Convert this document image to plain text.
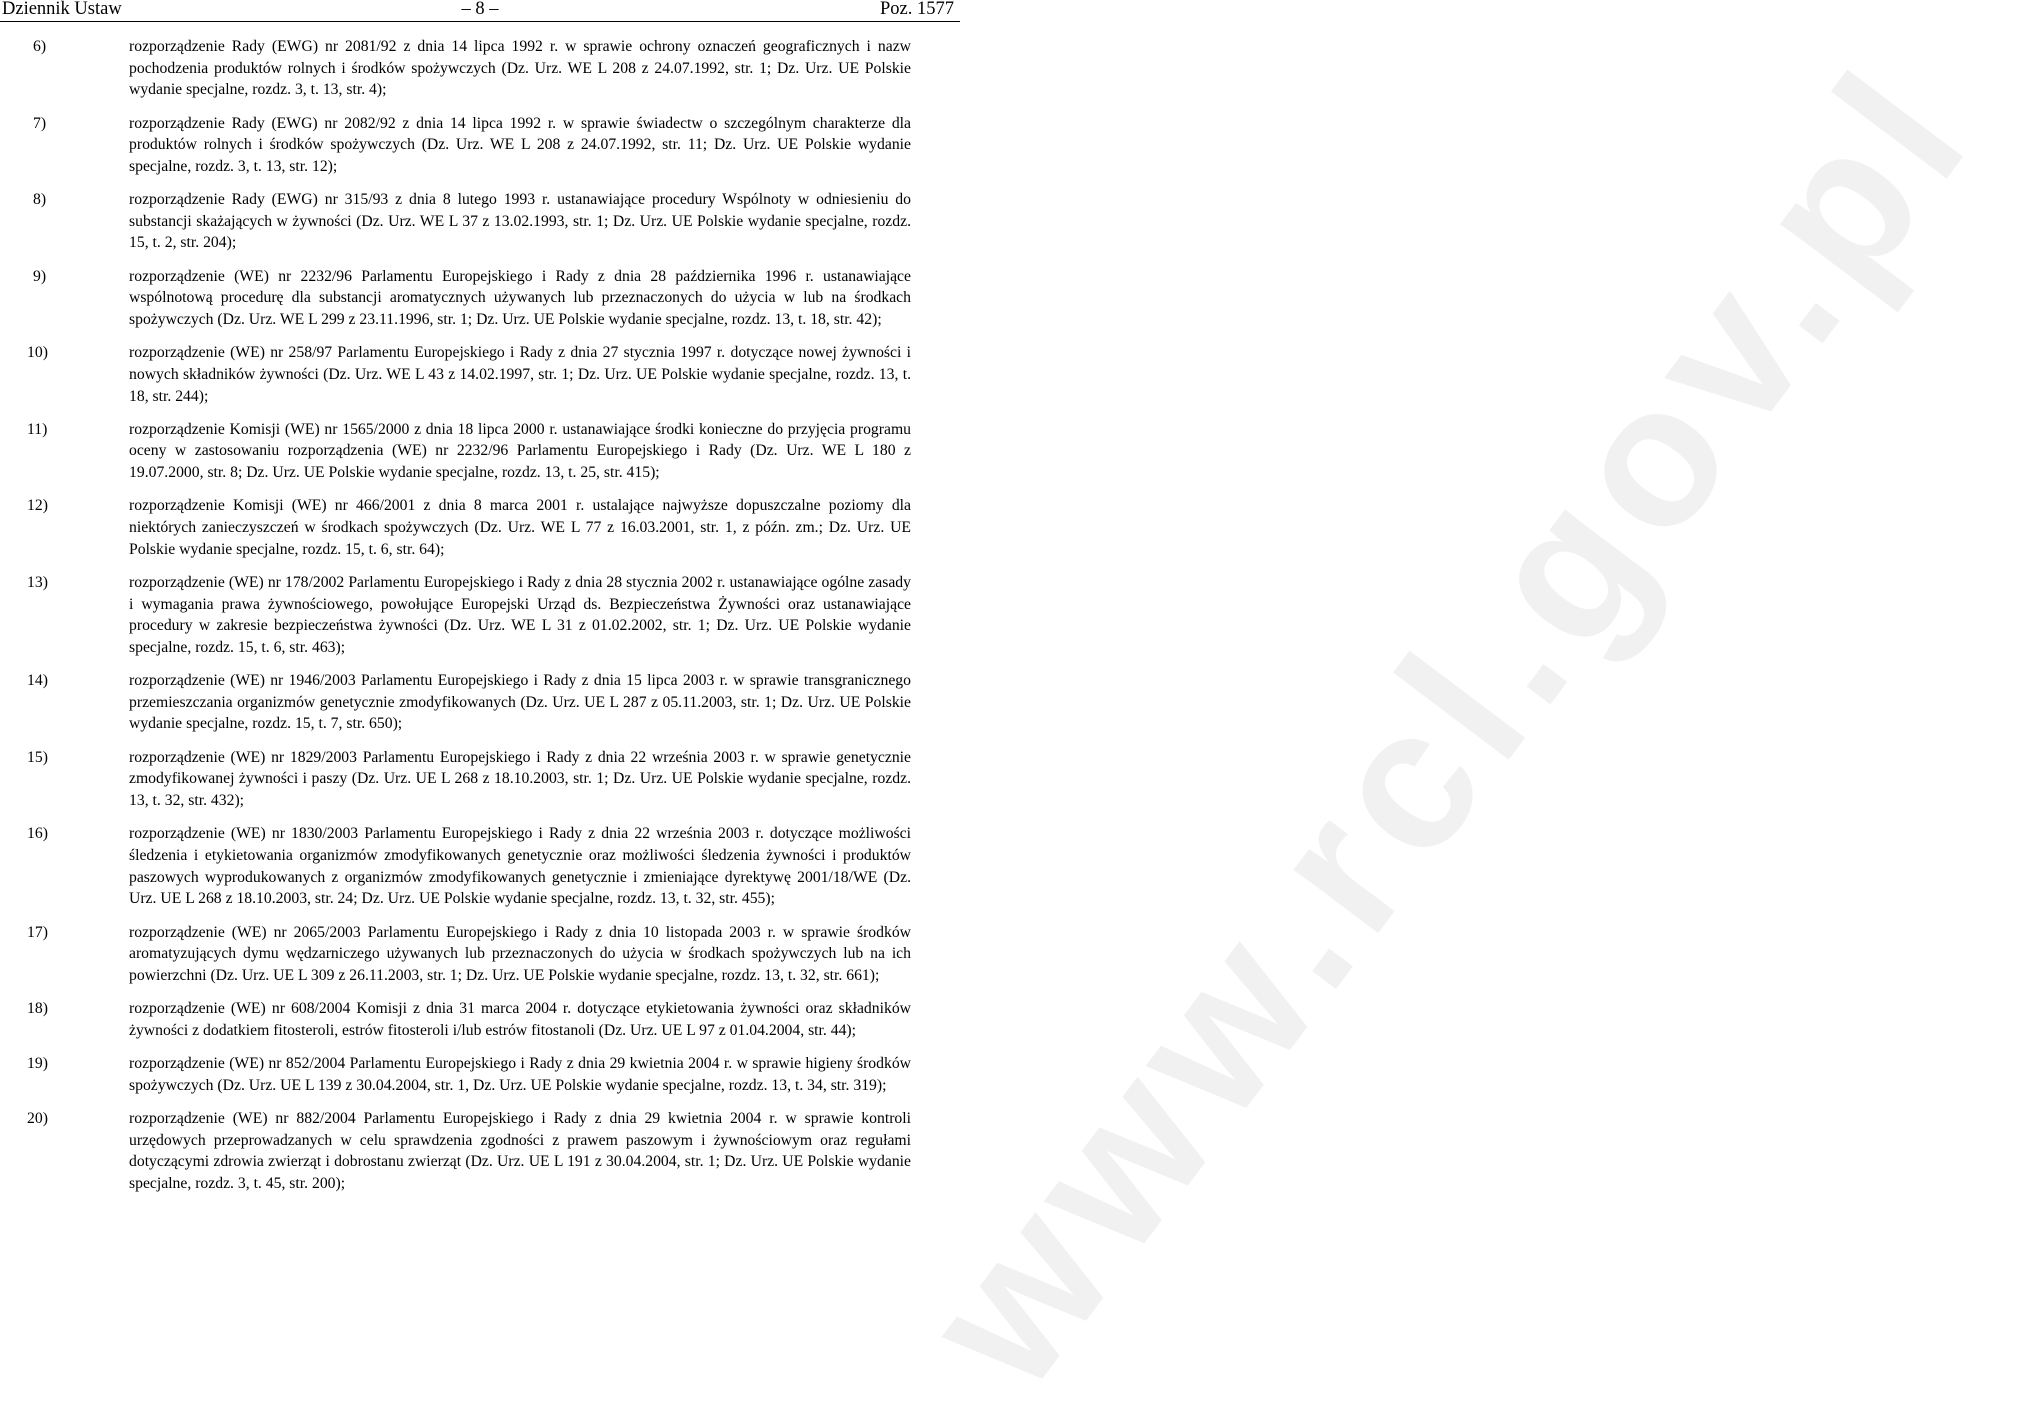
www.rcl.gov.pl
Dziennik Ustaw	– 8 –	Poz. 1577
6)	rozporządzenie Rady (EWG) nr 2081/92 z dnia 14 lipca 1992 r. w sprawie ochrony oznaczeń geograficznych i nazw pochodzenia produktów rolnych i środków spożywczych (Dz. Urz. WE L 208 z 24.07.1992, str. 1; Dz. Urz. UE Polskie wydanie specjalne, rozdz. 3, t. 13, str. 4);
7)	rozporządzenie Rady (EWG) nr 2082/92 z dnia 14 lipca 1992 r. w sprawie świadectw o szczególnym charakterze dla produktów rolnych i środków spożywczych (Dz. Urz. WE L 208 z 24.07.1992, str. 11; Dz. Urz. UE Polskie wydanie specjalne, rozdz. 3, t. 13, str. 12);
8)	rozporządzenie Rady (EWG) nr 315/93 z dnia 8 lutego 1993 r. ustanawiające procedury Wspólnoty w odniesieniu do substancji skażających w żywności (Dz. Urz. WE L 37 z 13.02.1993, str. 1; Dz. Urz. UE Polskie wydanie specjalne, rozdz. 15, t. 2, str. 204);
9)	rozporządzenie (WE) nr 2232/96 Parlamentu Europejskiego i Rady z dnia 28 października 1996 r. ustanawiające wspólnotową procedurę dla substancji aromatycznych używanych lub przeznaczonych do użycia w lub na środkach spożywczych (Dz. Urz. WE L 299 z 23.11.1996, str. 1; Dz. Urz. UE Polskie wydanie specjalne, rozdz. 13, t. 18, str. 42);
10)	rozporządzenie (WE) nr 258/97 Parlamentu Europejskiego i Rady z dnia 27 stycznia 1997 r. dotyczące nowej żywności i nowych składników żywności (Dz. Urz. WE L 43 z 14.02.1997, str. 1; Dz. Urz. UE Polskie wydanie specjalne, rozdz. 13, t. 18, str. 244);
11)	rozporządzenie Komisji (WE) nr 1565/2000 z dnia 18 lipca 2000 r. ustanawiające środki konieczne do przyjęcia programu oceny w zastosowaniu rozporządzenia (WE) nr 2232/96 Parlamentu Europejskiego i Rady (Dz. Urz. WE L 180 z 19.07.2000, str. 8; Dz. Urz. UE Polskie wydanie specjalne, rozdz. 13, t. 25, str. 415);
12)	rozporządzenie Komisji (WE) nr 466/2001 z dnia 8 marca 2001 r. ustalające najwyższe dopuszczalne poziomy dla niektórych zanieczyszczeń w środkach spożywczych (Dz. Urz. WE L 77 z 16.03.2001, str. 1, z późn. zm.; Dz. Urz. UE Polskie wydanie specjalne, rozdz. 15, t. 6, str. 64);
13)	rozporządzenie (WE) nr 178/2002 Parlamentu Europejskiego i Rady z dnia 28 stycznia 2002 r. ustanawiające ogólne zasady i wymagania prawa żywnościowego, powołujące Europejski Urząd ds. Bezpieczeństwa Żywności oraz ustanawiające procedury w zakresie bezpieczeństwa żywności (Dz. Urz. WE L 31 z 01.02.2002, str. 1; Dz. Urz. UE Polskie wydanie specjalne, rozdz. 15, t. 6, str. 463);
14)	rozporządzenie (WE) nr 1946/2003 Parlamentu Europejskiego i Rady z dnia 15 lipca 2003 r. w sprawie transgranicznego przemieszczania organizmów genetycznie zmodyfikowanych (Dz. Urz. UE L 287 z 05.11.2003, str. 1; Dz. Urz. UE Polskie wydanie specjalne, rozdz. 15, t. 7, str. 650);
15)	rozporządzenie (WE) nr 1829/2003 Parlamentu Europejskiego i Rady z dnia 22 września 2003 r. w sprawie genetycznie zmodyfikowanej żywności i paszy (Dz. Urz. UE L 268 z 18.10.2003, str. 1; Dz. Urz. UE Polskie wydanie specjalne, rozdz. 13, t. 32, str. 432);
16)	rozporządzenie (WE) nr 1830/2003 Parlamentu Europejskiego i Rady z dnia 22 września 2003 r. dotyczące możliwości śledzenia i etykietowania organizmów zmodyfikowanych genetycznie oraz możliwości śledzenia żywności i produktów paszowych wyprodukowanych z organizmów zmodyfikowanych genetycznie i zmieniające dyrektywę 2001/18/WE (Dz. Urz. UE L 268 z 18.10.2003, str. 24; Dz. Urz. UE Polskie wydanie specjalne, rozdz. 13, t. 32, str. 455);
17)	rozporządzenie (WE) nr 2065/2003 Parlamentu Europejskiego i Rady z dnia 10 listopada 2003 r. w sprawie środków aromatyzujących dymu wędzarniczego używanych lub przeznaczonych do użycia w środkach spożywczych lub na ich powierzchni (Dz. Urz. UE L 309 z 26.11.2003, str. 1; Dz. Urz. UE Polskie wydanie specjalne, rozdz. 13, t. 32, str. 661);
18)	rozporządzenie (WE) nr 608/2004 Komisji z dnia 31 marca 2004 r. dotyczące etykietowania żywności oraz składników żywności z dodatkiem fitosteroli, estrów fitosteroli i/lub estrów fitostanoli (Dz. Urz. UE L 97 z 01.04.2004, str. 44);
19)	rozporządzenie (WE) nr 852/2004 Parlamentu Europejskiego i Rady z dnia 29 kwietnia 2004 r. w sprawie higieny środków spożywczych (Dz. Urz. UE L 139 z 30.04.2004, str. 1, Dz. Urz. UE Polskie wydanie specjalne, rozdz. 13, t. 34, str. 319);
20)	rozporządzenie (WE) nr 882/2004 Parlamentu Europejskiego i Rady z dnia 29 kwietnia 2004 r. w sprawie kontroli urzędowych przeprowadzanych w celu sprawdzenia zgodności z prawem paszowym i żywnościowym oraz regułami dotyczącymi zdrowia zwierząt i dobrostanu zwierząt (Dz. Urz. UE L 191 z 30.04.2004, str. 1; Dz. Urz. UE Polskie wydanie specjalne, rozdz. 3, t. 45, str. 200);
